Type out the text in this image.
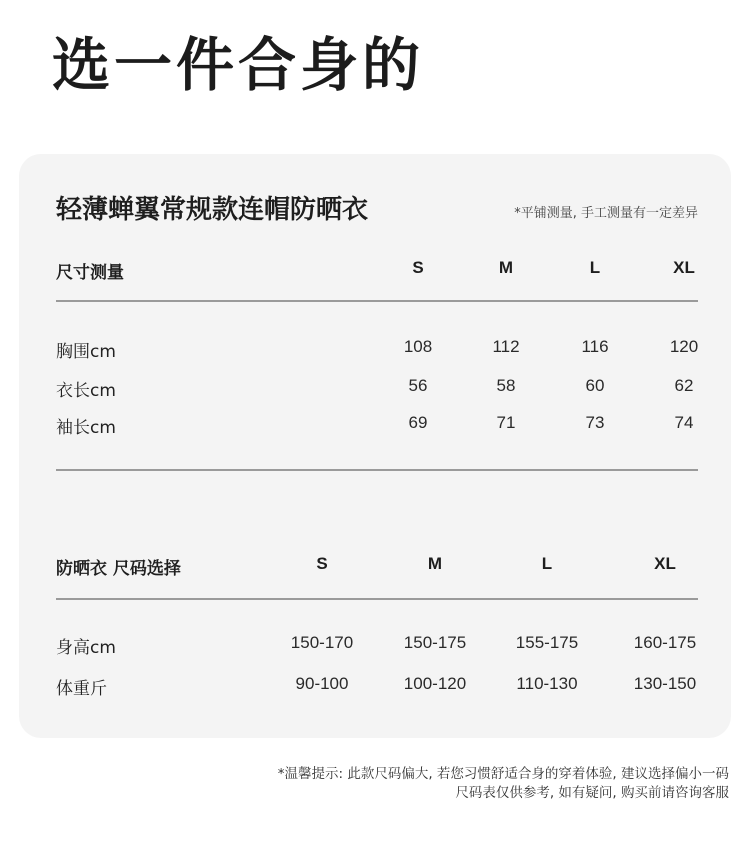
选一件合身的
轻薄蝉翼常规款连帽防晒衣	*平铺测量, 手工测量有一定差异
尺寸测量	S	M	L	XL
胸围cm	108	112	116	120
衣长cm	56	58	60	62
袖长cm	69	71	73	74
防晒衣 尺码选择	S	M	L	XL
身高cm	150-170	150-175	155-175	160-175
体重斤	90-100	100-120	110-130	130-150
*温馨提示: 此款尺码偏大, 若您习惯舒适合身的穿着体验, 建议选择偏小一码
尺码表仅供参考, 如有疑问, 购买前请咨询客服
